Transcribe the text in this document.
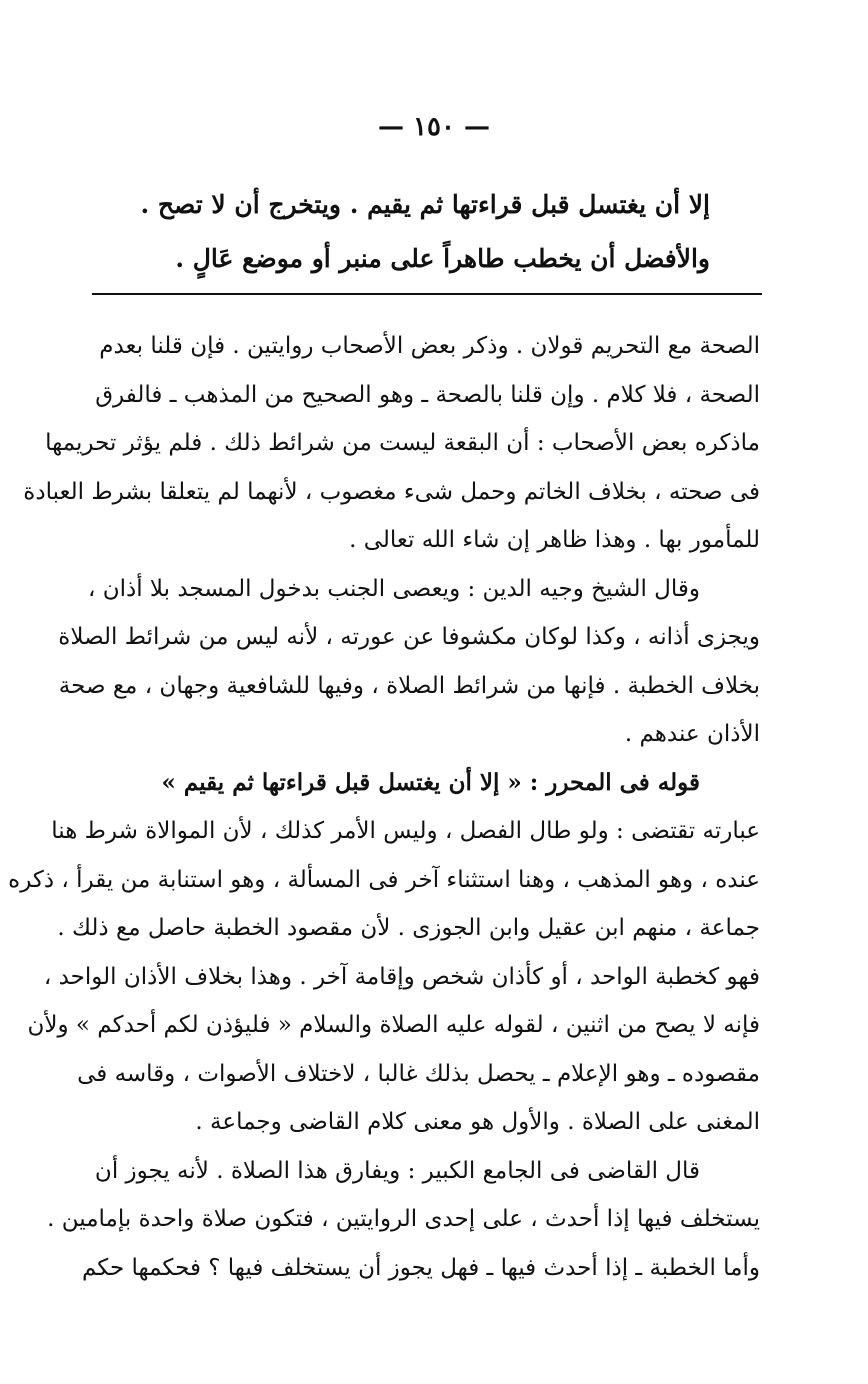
— ١٥٠ —
إلا أن يغتسل قبل قراءتها ثم يقيم . ويتخرج أن لا تصح .
والأفضل أن يخطب طاهراً على منبر أو موضع عَالٍ .
الصحة مع التحريم قولان . وذكر بعض الأصحاب روايتين . فإن قلنا بعدم
الصحة ، فلا كلام . وإن قلنا بالصحة ـ وهو الصحيح من المذهب ـ فالفرق
ماذكره بعض الأصحاب : أن البقعة ليست من شرائط ذلك . فلم يؤثر تحريمها
فى صحته ، بخلاف الخاتم وحمل شىء مغصوب ، لأنهما لم يتعلقا بشرط العبادة
للمأمور بها . وهذا ظاهر إن شاء الله تعالى .
وقال الشيخ وجيه الدين : ويعصى الجنب بدخول المسجد بلا أذان ،
ويجزى أذانه ، وكذا لوكان مكشوفا عن عورته ، لأنه ليس من شرائط الصلاة
بخلاف الخطبة . فإنها من شرائط الصلاة ، وفيها للشافعية وجهان ، مع صحة
الأذان عندهم .
قوله فى المحرر : « إلا أن يغتسل قبل قراءتها ثم يقيم »
عبارته تقتضى : ولو طال الفصل ، وليس الأمر كذلك ، لأن الموالاة شرط هنا
عنده ، وهو المذهب ، وهنا استثناء آخر فى المسألة ، وهو استنابة من يقرأ ، ذكره
جماعة ، منهم ابن عقيل وابن الجوزى . لأن مقصود الخطبة حاصل مع ذلك .
فهو كخطبة الواحد ، أو كأذان شخص وإقامة آخر . وهذا بخلاف الأذان الواحد ،
فإنه لا يصح من اثنين ، لقوله عليه الصلاة والسلام « فليؤذن لكم أحدكم » ولأن
مقصوده ـ وهو الإعلام ـ يحصل بذلك غالبا ، لاختلاف الأصوات ، وقاسه فى
المغنى على الصلاة . والأول هو معنى كلام القاضى وجماعة .
قال القاضى فى الجامع الكبير : ويفارق هذا الصلاة . لأنه يجوز أن
يستخلف فيها إذا أحدث ، على إحدى الروايتين ، فتكون صلاة واحدة بإمامين .
وأما الخطبة ـ إذا أحدث فيها ـ فهل يجوز أن يستخلف فيها ؟ فحكمها حكم
